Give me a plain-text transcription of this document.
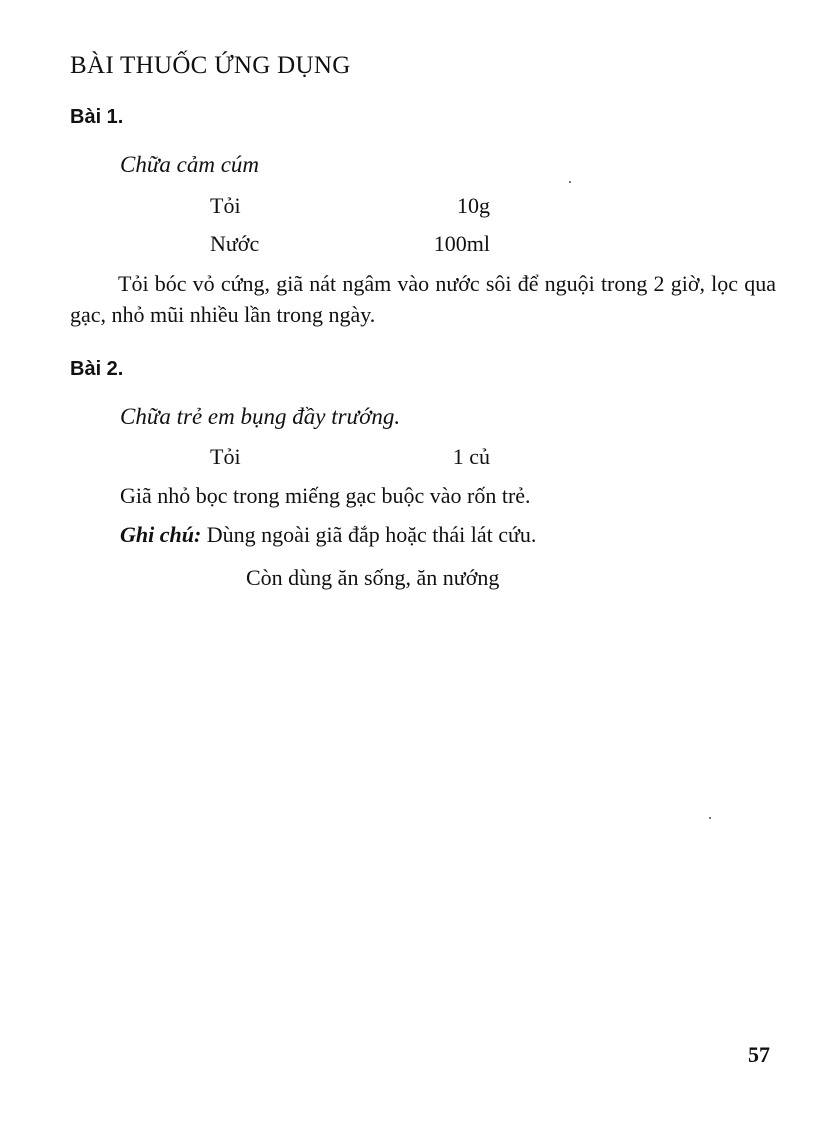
BÀI THUỐC ỨNG DỤNG
Bài 1.
Chữa cảm cúm
Tỏi	10g
Nước	100ml
Tỏi bóc vỏ cứng, giã nát ngâm vào nước sôi để nguội trong 2 giờ, lọc qua gạc, nhỏ mũi nhiều lần trong ngày.
Bài 2.
Chữa trẻ em bụng đầy trướng.
Tỏi	1 củ
Giã nhỏ bọc trong miếng gạc buộc vào rốn trẻ.
Ghi chú: Dùng ngoài giã đắp hoặc thái lát cứu.
Còn dùng ăn sống, ăn nướng
57
